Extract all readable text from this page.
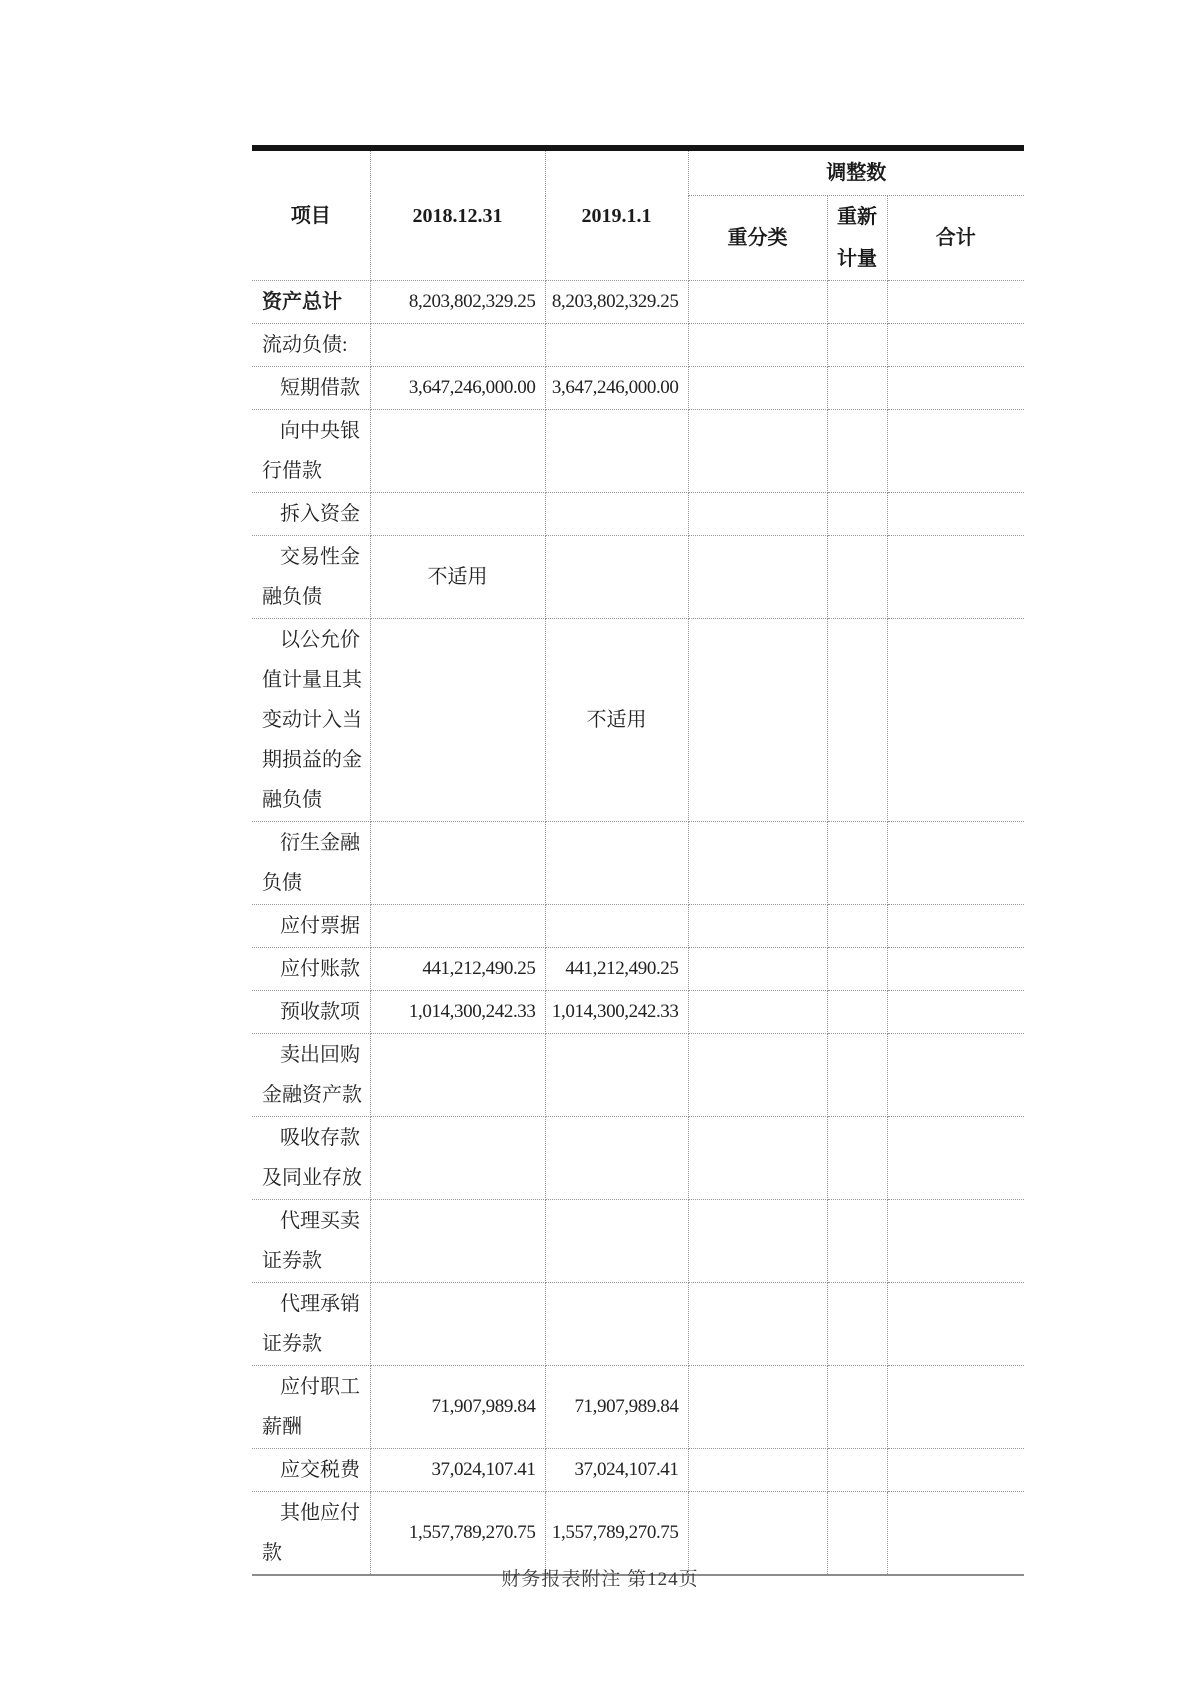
项目	2018.12.31	2019.1.1	调整数		
			重分类	重新计量	合计

资产总计	8,203,802,329.25	8,203,802,329.25			

流动负债:					

短期借款	3,647,246,000.00	3,647,246,000.00			

向中央银行借款					

拆入资金					

交易性金融负债	不适用				

以公允价值计量且其变动计入当期损益的金融负债		不适用			

衍生金融负债					

应付票据					

应付账款	441,212,490.25	441,212,490.25			

预收款项	1,014,300,242.33	1,014,300,242.33			

卖出回购金融资产款					

吸收存款及同业存放					

代理买卖证券款					

代理承销证券款					

应付职工薪酬	71,907,989.84	71,907,989.84			

应交税费	37,024,107.41	37,024,107.41			

其他应付款	1,557,789,270.75	1,557,789,270.75			
财务报表附注 第124页
